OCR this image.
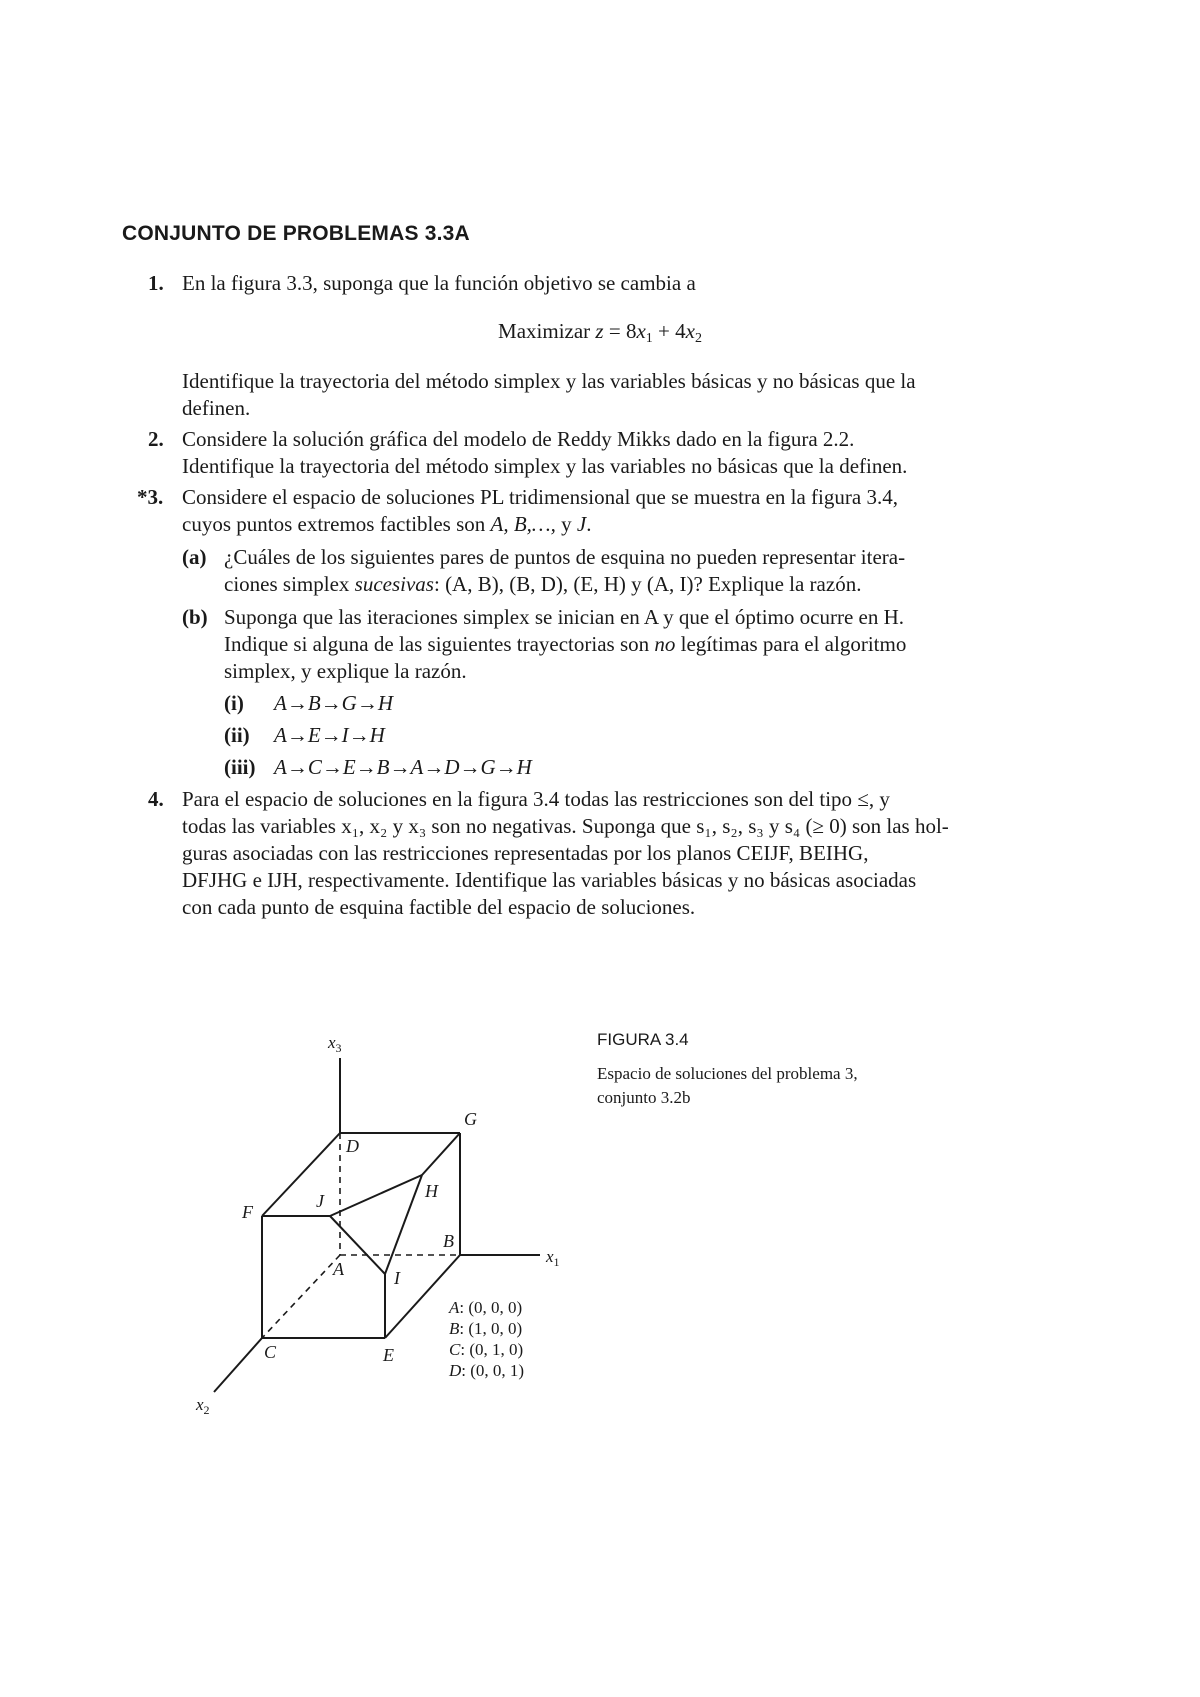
CONJUNTO DE PROBLEMAS 3.3A
1. En la figura 3.3, suponga que la función objetivo se cambia a
Maximizar $z = 8x_1 + 4x_2$
Identifique la trayectoria del método simplex y las variables básicas y no básicas que la
definen.
2. Considere la solución gráfica del modelo de Reddy Mikks dado en la figura 2.2.
Identifique la trayectoria del método simplex y las variables no básicas que la definen.
*3. Considere el espacio de soluciones PL tridimensional que se muestra en la figura 3.4,
cuyos puntos extremos factibles son A, B,…, y J.
(a) ¿Cuáles de los siguientes pares de puntos de esquina no pueden representar itera-
ciones simplex sucesivas: (A, B), (B, D), (E, H) y (A, I)? Explique la razón.
(b) Suponga que las iteraciones simplex se inician en A y que el óptimo ocurre en H.
Indique si alguna de las siguientes trayectorias son no legítimas para el algoritmo
simplex, y explique la razón.
(i) A→B→G→H
(ii) A→E→I→H
(iii) A→C→E→B→A→D→G→H
4. Para el espacio de soluciones en la figura 3.4 todas las restricciones son del tipo ≤, y
todas las variables x₁, x₂ y x₃ son no negativas. Suponga que s₁, s₂, s₃ y s₄ (≥ 0) son las hol-
guras asociadas con las restricciones representadas por los planos CEIJF, BEIHG,
DFJHG e IJH, respectivamente. Identifique las variables básicas y no básicas asociadas
con cada punto de esquina factible del espacio de soluciones.
FIGURA 3.4
Espacio de soluciones del problema 3,
conjunto 3.2b
$x_3$
$x_1$
$x_2$
D
G
F
J	H
B
A	I
C	E
A: (0, 0, 0)
B: (1, 0, 0)
C: (0, 1, 0)
D: (0, 0, 1)
